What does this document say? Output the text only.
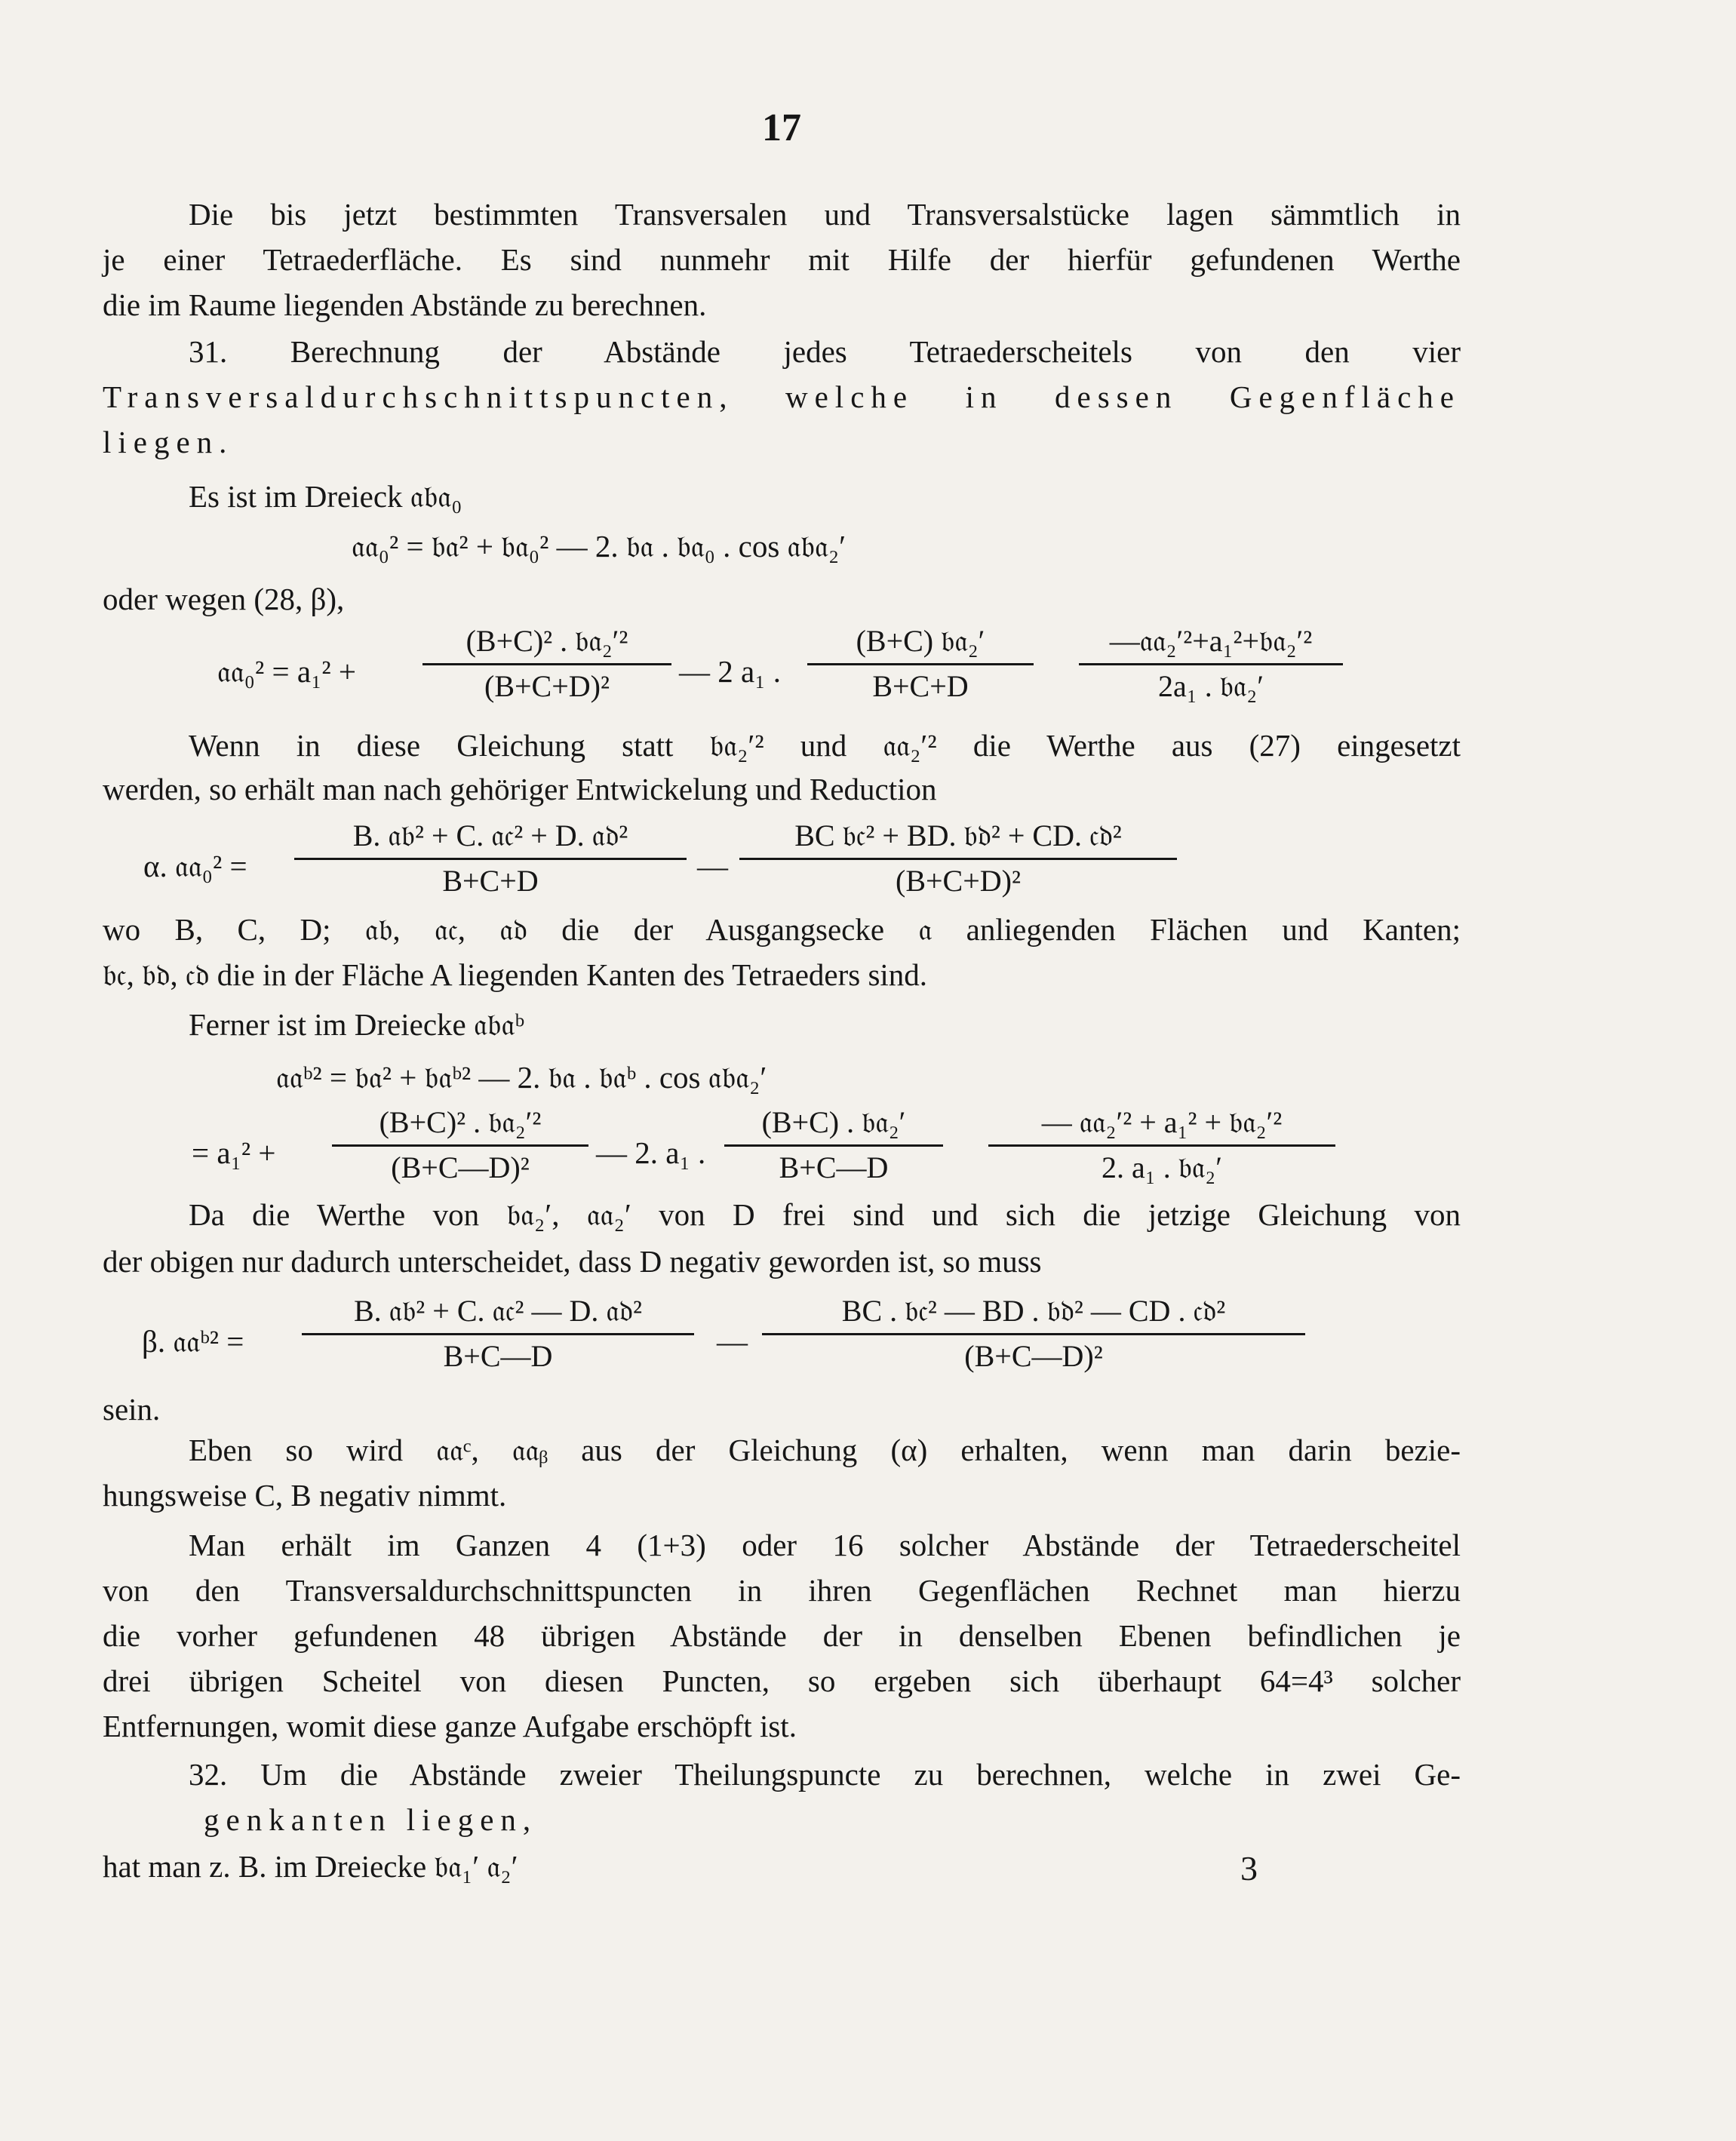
17
Die bis jetzt bestimmten Transversalen und Transversalstücke lagen sämmtlich in
je einer Tetraederfläche. Es sind nunmehr mit Hilfe der hierfür gefundenen Werthe
die im Raume liegenden Abstände zu berechnen.
31. Berechnung der Abstände jedes Tetraederscheitels von den vier
Transversaldurchschnittspuncten, welche in dessen Gegenfläche
liegen.
Es ist im Dreieck 𝔞𝔟𝔞₀
𝔞𝔞₀² = 𝔟𝔞² + 𝔟𝔞₀² — 2. 𝔟𝔞 . 𝔟𝔞₀ . cos 𝔞𝔟𝔞₂′
oder wegen (28, β),
𝔞𝔞₀² = a₁² +
(B+C)² . 𝔟𝔞₂′²
(B+C+D)²	— 2 a₁ .
(B+C) 𝔟𝔞₂′
B+C+D
—𝔞𝔞₂′²+a₁²+𝔟𝔞₂′²
2a₁ . 𝔟𝔞₂′
Wenn in diese Gleichung statt 𝔟𝔞₂′² und 𝔞𝔞₂′² die Werthe aus (27) eingesetzt
werden, so erhält man nach gehöriger Entwickelung und Reduction
α. 𝔞𝔞₀² =
B. 𝔞𝔟² + C. 𝔞𝔠² + D. 𝔞𝔡²
B+C+D	—
BC 𝔟𝔠² + BD. 𝔟𝔡² + CD. 𝔠𝔡²
(B+C+D)²
wo B, C, D; 𝔞𝔟, 𝔞𝔠, 𝔞𝔡 die der Ausgangsecke 𝔞 anliegenden Flächen und Kanten;
𝔟𝔠, 𝔟𝔡, 𝔠𝔡 die in der Fläche A liegenden Kanten des Tetraeders sind.
Ferner ist im Dreiecke 𝔞𝔟𝔞ᵇ
𝔞𝔞ᵇ² = 𝔟𝔞² + 𝔟𝔞ᵇ² — 2. 𝔟𝔞 . 𝔟𝔞ᵇ . cos 𝔞𝔟𝔞₂′
= a₁² +
(B+C)² . 𝔟𝔞₂′²
(B+C—D)²	— 2. a₁ .
(B+C) . 𝔟𝔞₂′
B+C—D
— 𝔞𝔞₂′² + a₁² + 𝔟𝔞₂′²
2. a₁ . 𝔟𝔞₂′
Da die Werthe von 𝔟𝔞₂′, 𝔞𝔞₂′ von D frei sind und sich die jetzige Gleichung von
der obigen nur dadurch unterscheidet, dass D negativ geworden ist, so muss
β. 𝔞𝔞ᵇ² =
B. 𝔞𝔟² + C. 𝔞𝔠² — D. 𝔞𝔡²
B+C—D	—
BC . 𝔟𝔠² — BD . 𝔟𝔡² — CD . 𝔠𝔡²
(B+C—D)²
sein.
Eben so wird 𝔞𝔞ᶜ, 𝔞𝔞ᵦ aus der Gleichung (α) erhalten, wenn man darin bezie-
hungsweise C, B negativ nimmt.
Man erhält im Ganzen 4 (1+3) oder 16 solcher Abstände der Tetraederscheitel
von den Transversaldurchschnittspuncten in ihren Gegenflächen Rechnet man hierzu
die vorher gefundenen 48 übrigen Abstände der in denselben Ebenen befindlichen je
drei übrigen Scheitel von diesen Puncten, so ergeben sich überhaupt 64=4³ solcher
Entfernungen, womit diese ganze Aufgabe erschöpft ist.
32. Um die Abstände zweier Theilungspuncte zu berechnen, welche in zwei Ge-
genkanten liegen,
hat man z. B. im Dreiecke 𝔟𝔞₁′ 𝔞₂′	3
